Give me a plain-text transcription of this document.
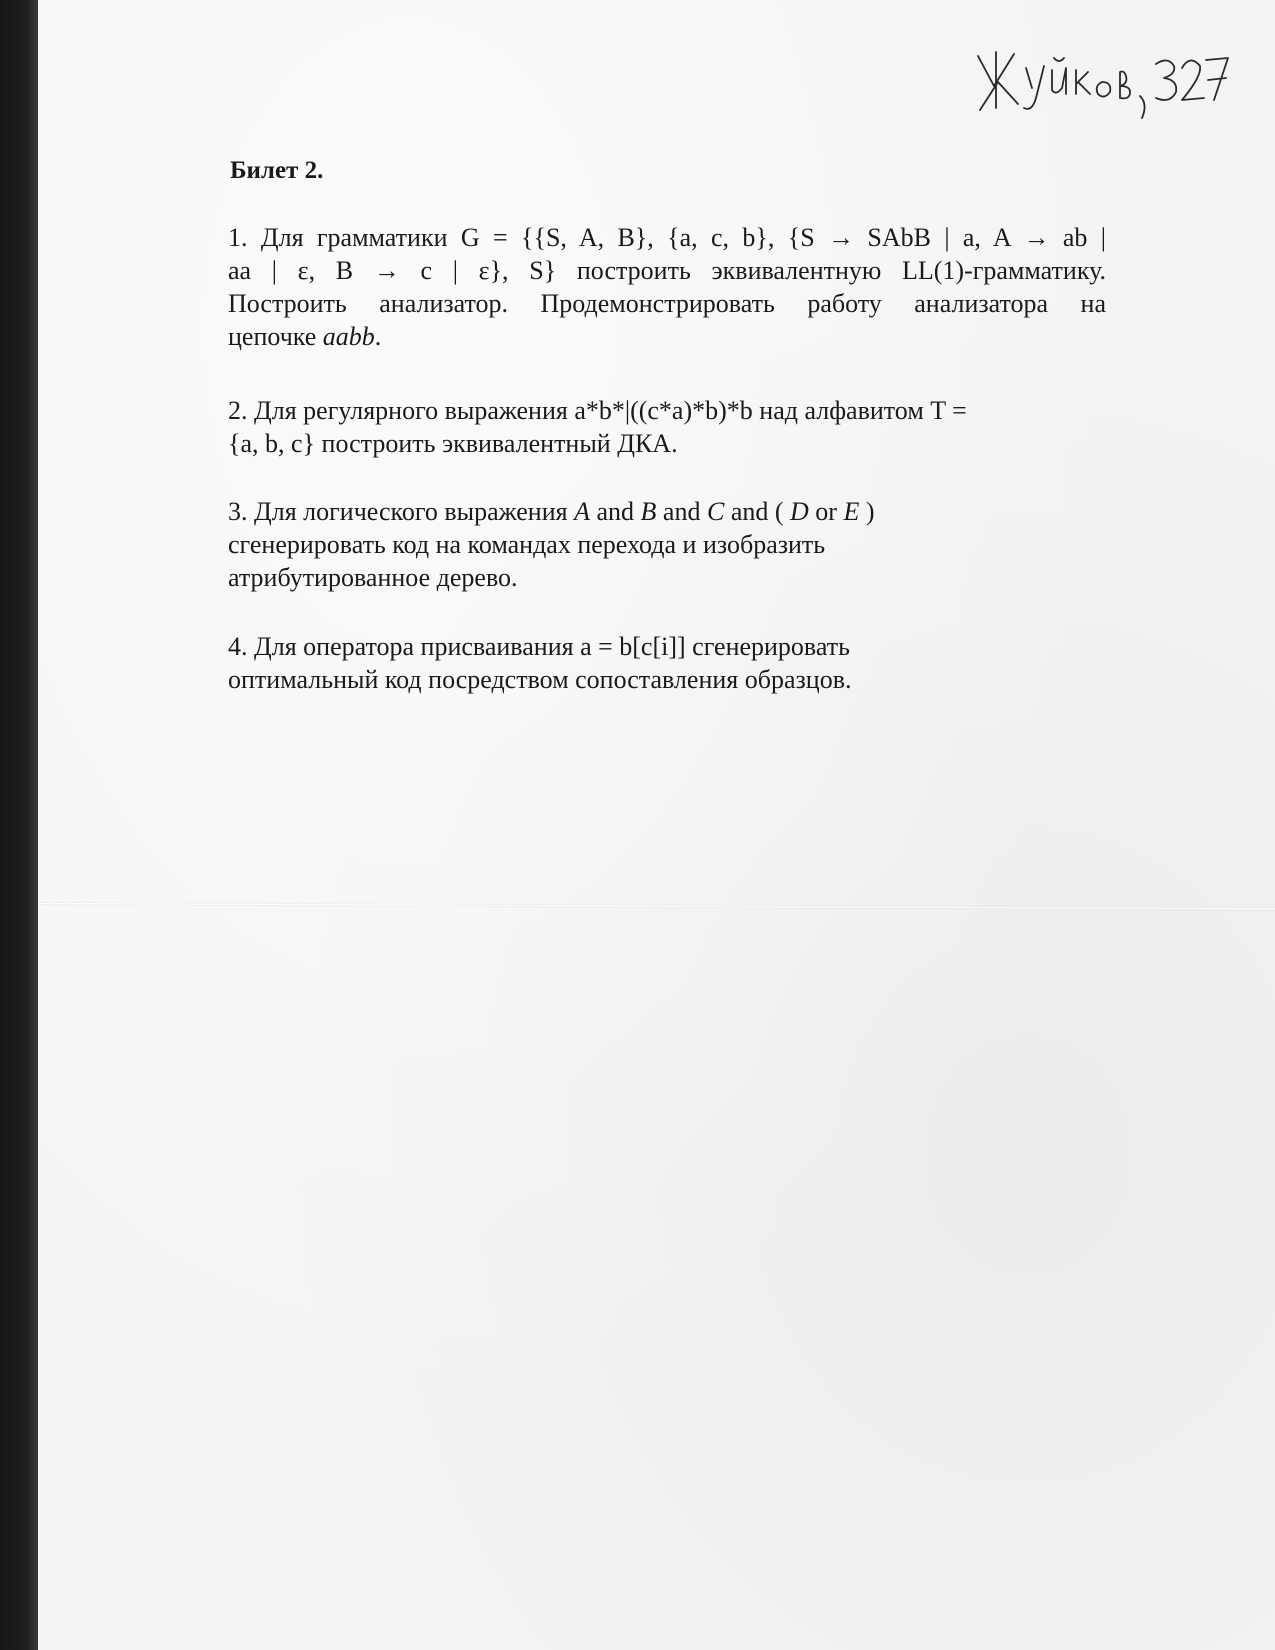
Билет 2.

1. Для грамматики G = {{S, A, B}, {a, c, b}, {S → SAbB | a, A → ab |
aa | ε, B → c | ε}, S} построить эквивалентную LL(1)-грамматику.
Построить анализатор. Продемонстрировать работу анализатора на
цепочке aabb.

2. Для регулярного выражения a*b*|((c*a)*b)*b над алфавитом T =
{a, b, c} построить эквивалентный ДКА.

3. Для логического выражения A and B and C and ( D or E )
сгенерировать код на командах перехода и изобразить
атрибутированное дерево.

4. Для оператора присваивания a = b[c[i]] сгенерировать
оптимальный код посредством сопоставления образцов.
